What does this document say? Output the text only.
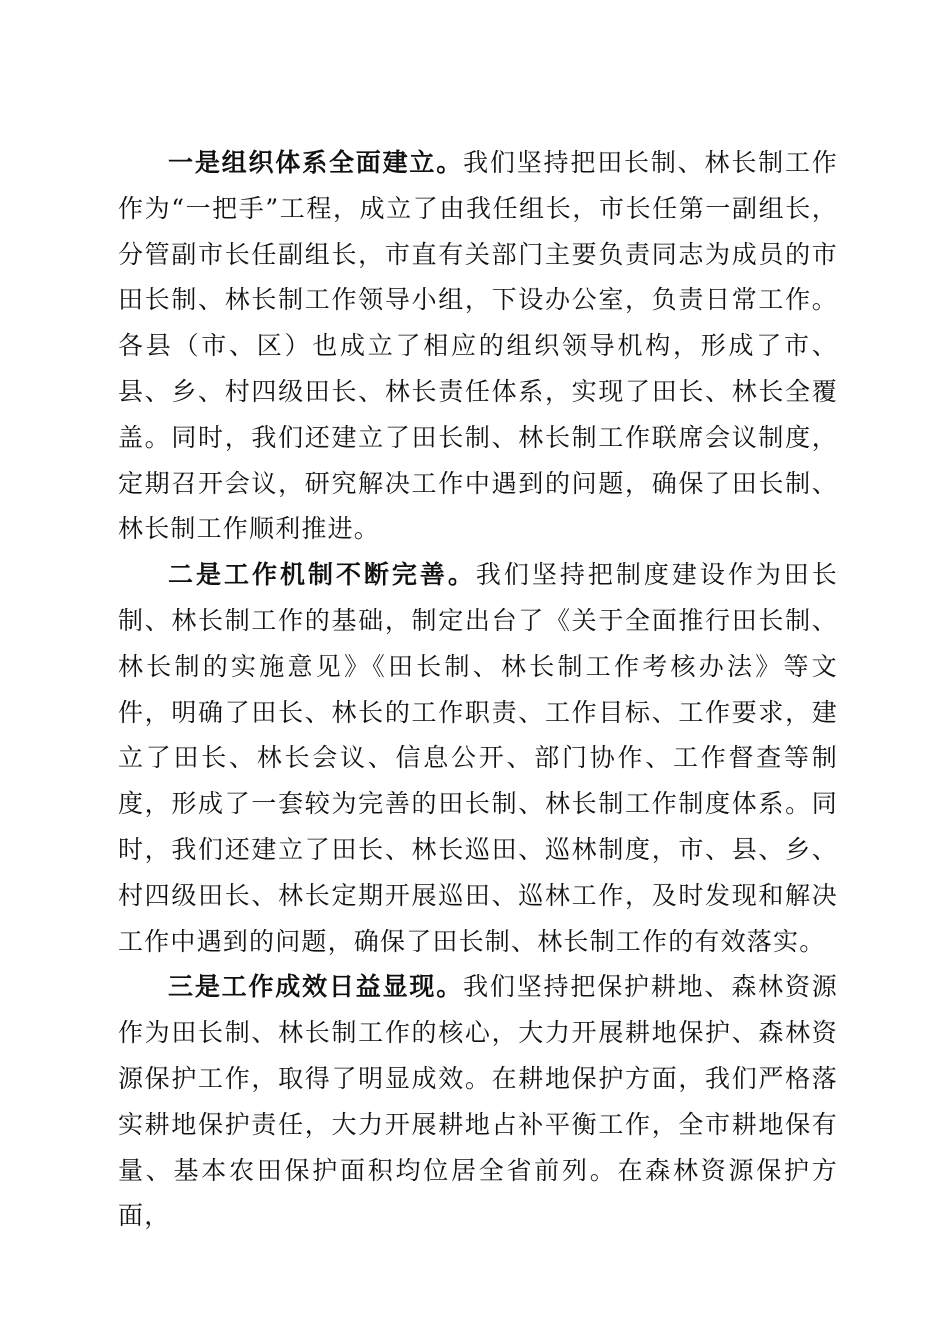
一是组织体系全面建立。我们坚持把田长制、林长制工作作为“一把手”工程，成立了由我任组长，市长任第一副组长，分管副市长任副组长，市直有关部门主要负责同志为成员的市田长制、林长制工作领导小组，下设办公室，负责日常工作。各县（市、区）也成立了相应的组织领导机构，形成了市、县、乡、村四级田长、林长责任体系，实现了田长、林长全覆盖。同时，我们还建立了田长制、林长制工作联席会议制度，定期召开会议，研究解决工作中遇到的问题，确保了田长制、林长制工作顺利推进。

二是工作机制不断完善。我们坚持把制度建设作为田长制、林长制工作的基础，制定出台了《关于全面推行田长制、林长制的实施意见》《田长制、林长制工作考核办法》等文件，明确了田长、林长的工作职责、工作目标、工作要求，建立了田长、林长会议、信息公开、部门协作、工作督查等制度，形成了一套较为完善的田长制、林长制工作制度体系。同时，我们还建立了田长、林长巡田、巡林制度，市、县、乡、村四级田长、林长定期开展巡田、巡林工作，及时发现和解决工作中遇到的问题，确保了田长制、林长制工作的有效落实。

三是工作成效日益显现。我们坚持把保护耕地、森林资源作为田长制、林长制工作的核心，大力开展耕地保护、森林资源保护工作，取得了明显成效。在耕地保护方面，我们严格落实耕地保护责任，大力开展耕地占补平衡工作，全市耕地保有量、基本农田保护面积均位居全省前列。在森林资源保护方面，
